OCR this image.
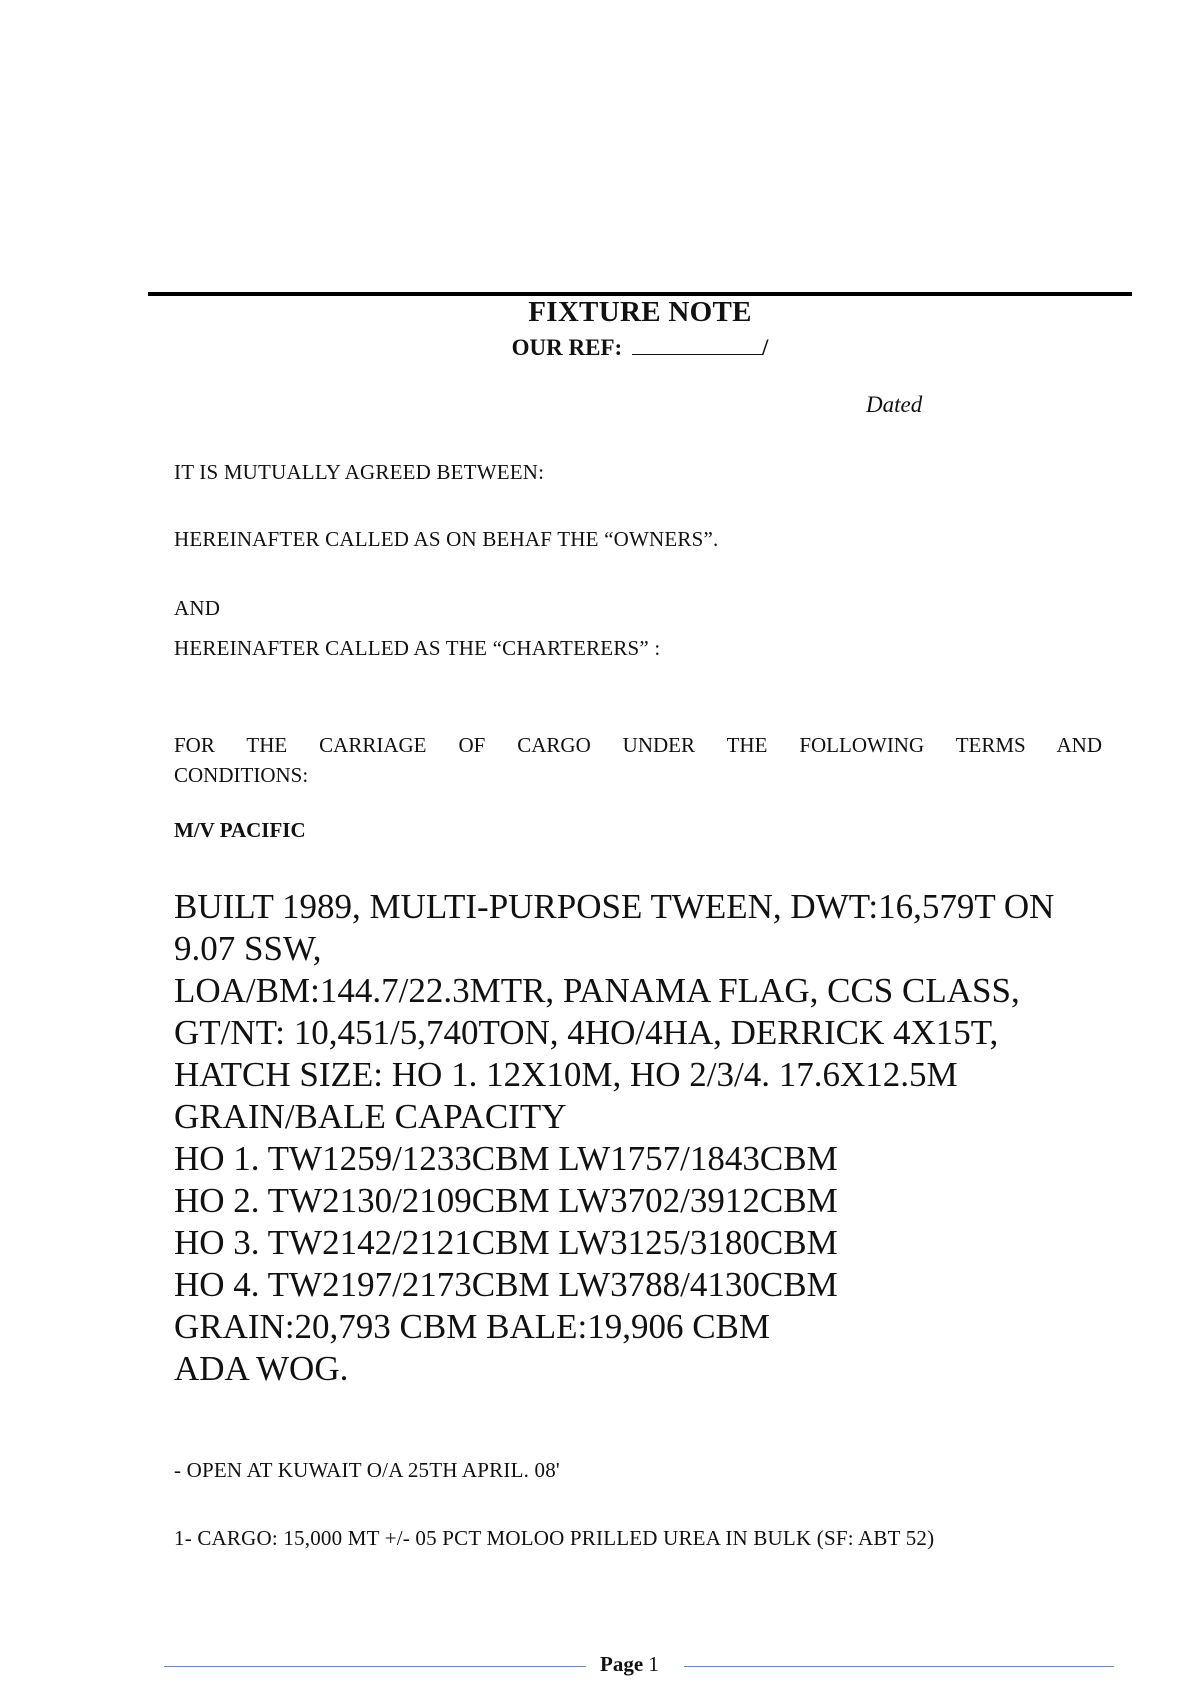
FIXTURE NOTE
OUR REF:	/
Dated
IT IS MUTUALLY AGREED BETWEEN:
HEREINAFTER CALLED AS ON BEHAF THE “OWNERS”.
AND
HEREINAFTER CALLED AS THE “CHARTERERS” :
FOR THE CARRIAGE OF CARGO UNDER THE FOLLOWING TERMS AND
CONDITIONS:
M/V PACIFIC
BUILT 1989, MULTI-PURPOSE TWEEN, DWT:16,579T ON
9.07 SSW,
LOA/BM:144.7/22.3MTR, PANAMA FLAG, CCS CLASS,
GT/NT: 10,451/5,740TON, 4HO/4HA, DERRICK 4X15T,
HATCH SIZE: HO 1. 12X10M, HO 2/3/4. 17.6X12.5M
GRAIN/BALE CAPACITY
HO 1. TW1259/1233CBM LW1757/1843CBM
HO 2. TW2130/2109CBM LW3702/3912CBM
HO 3. TW2142/2121CBM LW3125/3180CBM
HO 4. TW2197/2173CBM LW3788/4130CBM
GRAIN:20,793 CBM BALE:19,906 CBM
ADA WOG.
- OPEN AT KUWAIT O/A 25TH APRIL. 08'
1- CARGO: 15,000 MT +/- 05 PCT MOLOO PRILLED UREA IN BULK (SF: ABT 52)
Page 1
